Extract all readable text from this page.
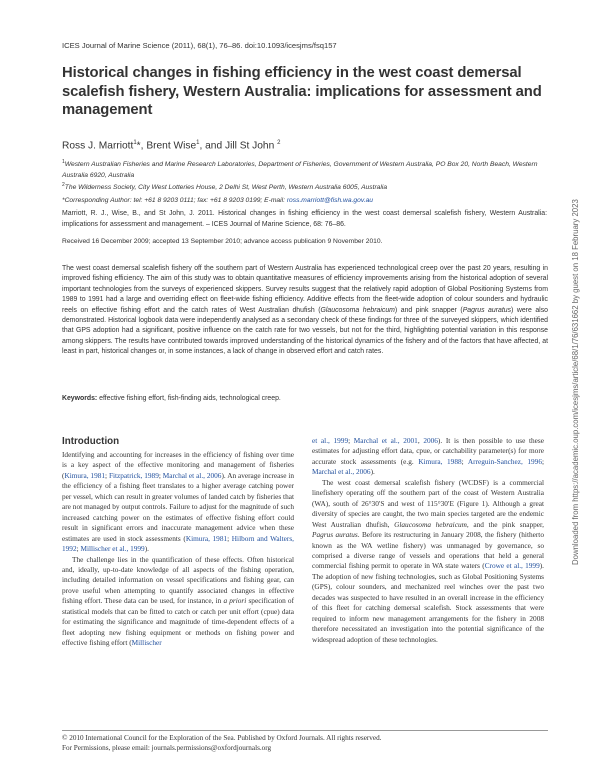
ICES Journal of Marine Science (2011), 68(1), 76–86. doi:10.1093/icesjms/fsq157
Historical changes in fishing efficiency in the west coast demersal scalefish fishery, Western Australia: implications for assessment and management
Ross J. Marriott$^1$*, Brent Wise$^1$, and Jill St John $^2$
$^1$Western Australian Fisheries and Marine Research Laboratories, Department of Fisheries, Government of Western Australia, PO Box 20, North Beach, Western Australia 6920, Australia
$^2$The Wilderness Society, City West Lotteries House, 2 Delhi St, West Perth, Western Australia 6005, Australia
*Corresponding Author: tel: +61 8 9203 0111; fax: +61 8 9203 0199; E-mail: ross.marriott@fish.wa.gov.au
Marriott, R. J., Wise, B., and St John, J. 2011. Historical changes in fishing efficiency in the west coast demersal scalefish fishery, Western Australia: implications for assessment and management. – ICES Journal of Marine Science, 68: 76–86.
Received 16 December 2009; accepted 13 September 2010; advance access publication 9 November 2010.
The west coast demersal scalefish fishery off the southern part of Western Australia has experienced technological creep over the past 20 years, resulting in improved fishing efficiency. The aim of this study was to obtain quantitative measures of efficiency improvements arising from the historical adoption of several important technologies from the surveys of experienced skippers. Survey results suggest that the relatively rapid adoption of Global Positioning Systems from 1989 to 1991 had a large and overriding effect on fleet-wide fishing efficiency. Additive effects from the fleet-wide adoption of colour sounders and hydraulic reels on effective fishing effort and the catch rates of West Australian dhufish (Glaucosoma hebraicum) and pink snapper (Pagrus auratus) were also demonstrated. Historical logbook data were independently analysed as a secondary check of these findings for three of the surveyed skippers, which identified that GPS adoption had a significant, positive influence on the catch rate for two vessels, but not for the third, highlighting potential variation in this response among skippers. The results have contributed towards improved understanding of the historical dynamics of the fishery and of the factors that have affected, at least in part, historical changes or, in some instances, a lack of change in observed effort and catch rates.
Keywords: effective fishing effort, fish-finding aids, technological creep.
Introduction

Identifying and accounting for increases in the efficiency of fishing over time is a key aspect of the effective monitoring and management of fisheries (Kimura, 1981; Fitzpatrick, 1989; Marchal et al., 2006). An average increase in the efficiency of a fishing fleet translates to a higher average catching power per vessel, which can result in greater volumes of landed catch by fisheries that are not managed by output controls. Failure to adjust for the magnitude of such increased catching power on the estimates of effective fishing effort could result in significant errors and inaccurate management advice when these estimates are used in stock assessments (Kimura, 1981; Hilborn and Walters, 1992; Millischer et al., 1999).

The challenge lies in the quantification of these effects. Often historical and, ideally, up-to-date knowledge of all aspects of the fishing operation, including detailed information on vessel specifications and fishing gear, can prove useful when attempting to quantify associated changes in effective fishing effort. These data can be used, for instance, in a priori specification of statistical models that can be fitted to catch or catch per unit effort (cpue) data for estimating the significance and magnitude of time-dependent effects of a fleet adopting new fishing equipment or methods on fishing power and effective fishing effort (Millischer

et al., 1999; Marchal et al., 2001, 2006). It is then possible to use these estimates for adjusting effort data, cpue, or catchability parameter(s) for more accurate stock assessments (e.g. Kimura, 1988; Arreguin-Sanchez, 1996; Marchal et al., 2006).

The west coast demersal scalefish fishery (WCDSF) is a commercial linefishery operating off the southern part of the coast of Western Australia (WA), south of 26°30′S and west of 115°30′E (Figure 1). Although a great diversity of species are caught, the two main species targeted are the endemic West Australian dhufish, Glaucosoma hebraicum, and the pink snapper, Pagrus auratus. Before its restructuring in January 2008, the fishery (hitherto known as the WA wetline fishery) was unmanaged by governance, so comprised a diverse range of vessels and operations that held a general commercial fishing permit to operate in WA state waters (Crowe et al., 1999). The adoption of new fishing technologies, such as Global Positioning Systems (GPS), colour sounders, and mechanized reel winches over the past two decades was suspected to have resulted in an overall increase in the efficiency of this fleet for catching demersal scalefish. Stock assessments that were required to inform new management arrangements for the fishery in 2008 therefore necessitated an investigation into the potential significance of the widespread adoption of these technologies.

© 2010 International Council for the Exploration of the Sea. Published by Oxford Journals. All rights reserved.
For Permissions, please email: journals.permissions@oxfordjournals.org
Downloaded from https://academic.oup.com/icesjms/article/68/1/76/631662 by guest on 18 February 2023
